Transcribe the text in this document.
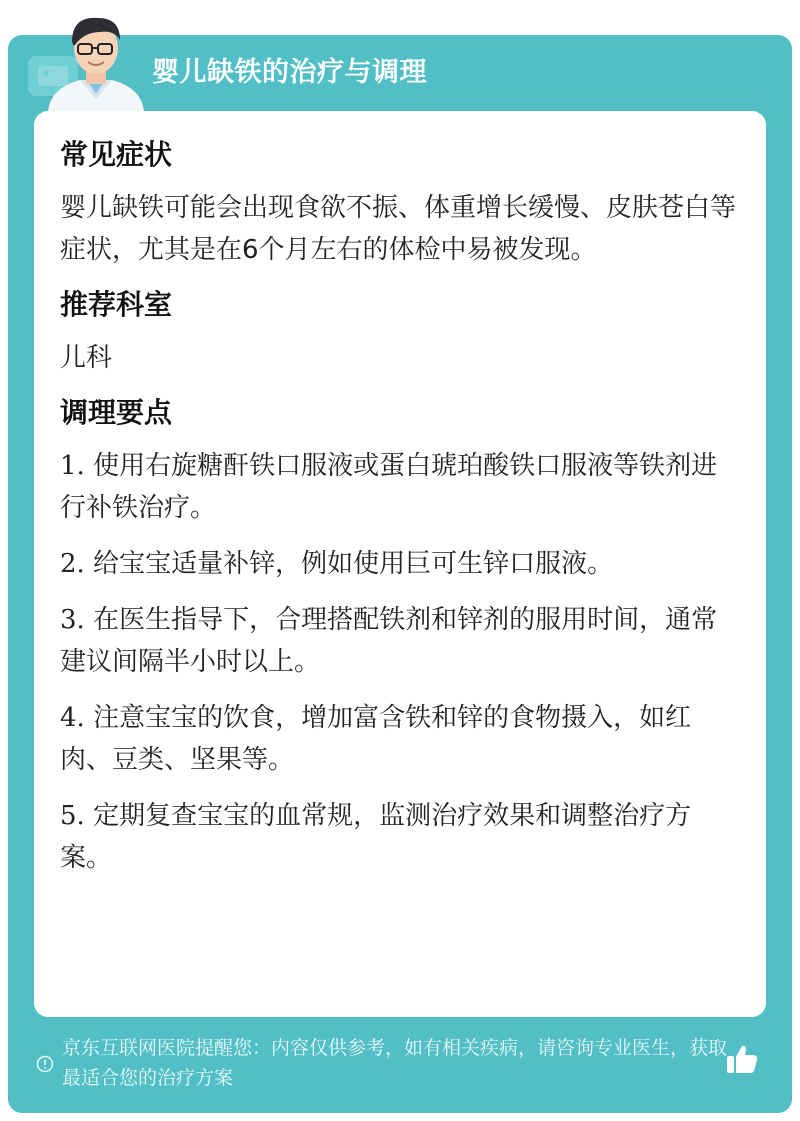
婴儿缺铁的治疗与调理
常见症状
婴儿缺铁可能会出现食欲不振、体重增长缓慢、皮肤苍白等症状，尤其是在6个月左右的体检中易被发现。
推荐科室
儿科
调理要点
1. 使用右旋糖酐铁口服液或蛋白琥珀酸铁口服液等铁剂进行补铁治疗。
2. 给宝宝适量补锌，例如使用巨可生锌口服液。
3. 在医生指导下，合理搭配铁剂和锌剂的服用时间，通常建议间隔半小时以上。
4. 注意宝宝的饮食，增加富含铁和锌的食物摄入，如红肉、豆类、坚果等。
5. 定期复查宝宝的血常规，监测治疗效果和调整治疗方案。
京东互联网医院提醒您：内容仅供参考，如有相关疾病，请咨询专业医生，获取最适合您的治疗方案
